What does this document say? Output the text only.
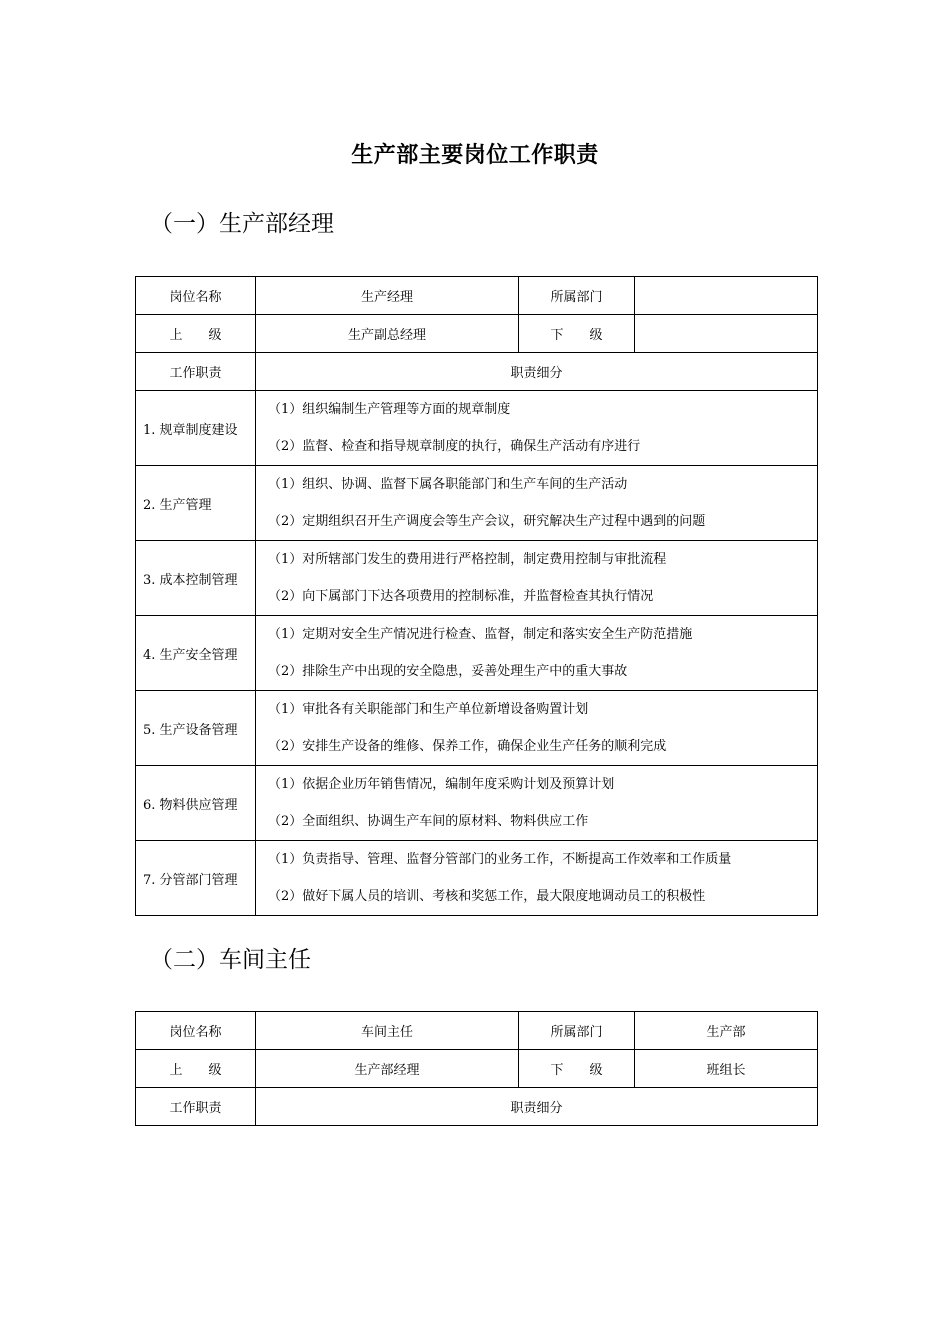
生产部主要岗位工作职责
（一）生产部经理
岗位名称	生产经理	所属部门	
上　　级	生产副总经理	下　　级	
工作职责	职责细分		
1. 规章制度建设	（1）组织编制生产管理等方面的规章制度
（2）监督、检查和指导规章制度的执行，确保生产活动有序进行		

2. 生产管理	（1）组织、协调、监督下属各职能部门和生产车间的生产活动
（2）定期组织召开生产调度会等生产会议，研究解决生产过程中遇到的问题		

3. 成本控制管理	（1）对所辖部门发生的费用进行严格控制，制定费用控制与审批流程
（2）向下属部门下达各项费用的控制标准，并监督检查其执行情况		

4. 生产安全管理	（1）定期对安全生产情况进行检查、监督，制定和落实安全生产防范措施
（2）排除生产中出现的安全隐患，妥善处理生产中的重大事故		

5. 生产设备管理	（1）审批各有关职能部门和生产单位新增设备购置计划
（2）安排生产设备的维修、保养工作，确保企业生产任务的顺利完成		

6. 物料供应管理	（1）依据企业历年销售情况，编制年度采购计划及预算计划
（2）全面组织、协调生产车间的原材料、物料供应工作		

7. 分管部门管理	（1）负责指导、管理、监督分管部门的业务工作，不断提高工作效率和工作质量
（2）做好下属人员的培训、考核和奖惩工作，最大限度地调动员工的积极性		
（二）车间主任
岗位名称	车间主任	所属部门	生产部
上　　级	生产部经理	下　　级	班组长
工作职责	职责细分		
